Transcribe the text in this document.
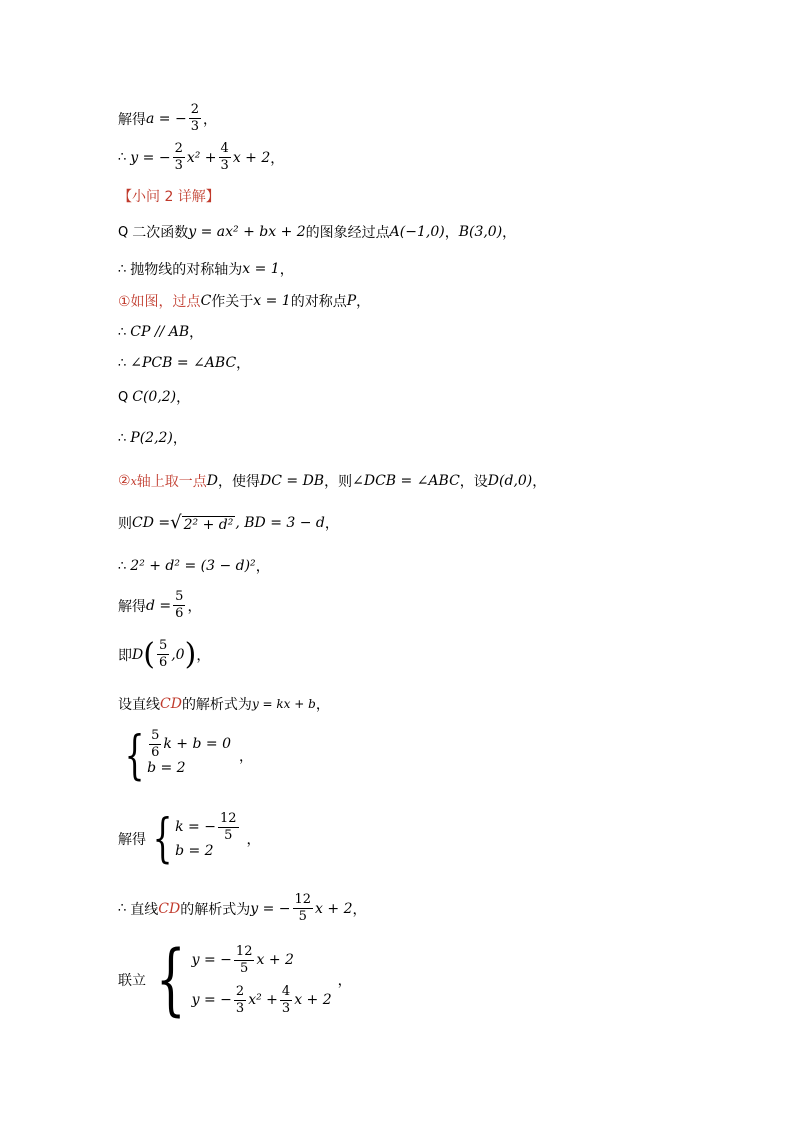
解得 a = − $\frac{2}{3}$ ，
∴ y = − $\frac{2}{3} x^2 + \frac{4}{3}$ x + 2 ，
【小问 2 详解】
Q 二次函数 y = ax² + bx + 2 的图象经过点 A(−1,0) ， B(3,0) ，
∴ 抛物线的对称轴为 x = 1 ，
①如图，过点 C 作关于 x = 1 的对称点 P ，
∴ CP // AB ，
∴ ∠PCB = ∠ABC ，
Q C(0,2) ，
∴ P(2,2) ，
② x 轴上取一点 D ，使得 DC = DB ，则 ∠DCB = ∠ABC ，设 D(d,0) ，
则 CD = √ 2² + d² , BD = 3 − d ，
∴ 2² + d² = (3 − d)² ，
解得 $d = \frac{5}{6}$ ，
即 D ( $\frac{5}{6} ,0$ ) ，
设直线 CD 的解析式为 y = kx + b ，
{ $\frac{5}{6}$ k + b = 0
b = 2
，
解得 { k = − $\frac{12}{5}$
b = 2
，
∴ 直线 CD 的解析式为 y = − $\frac{12}{5}$ x + 2 ，
联立 { y = − $\frac{12}{5}$ x + 2
y = − $\frac{2}{3} x^2 + \frac{4}{3}$ x + 2
，
